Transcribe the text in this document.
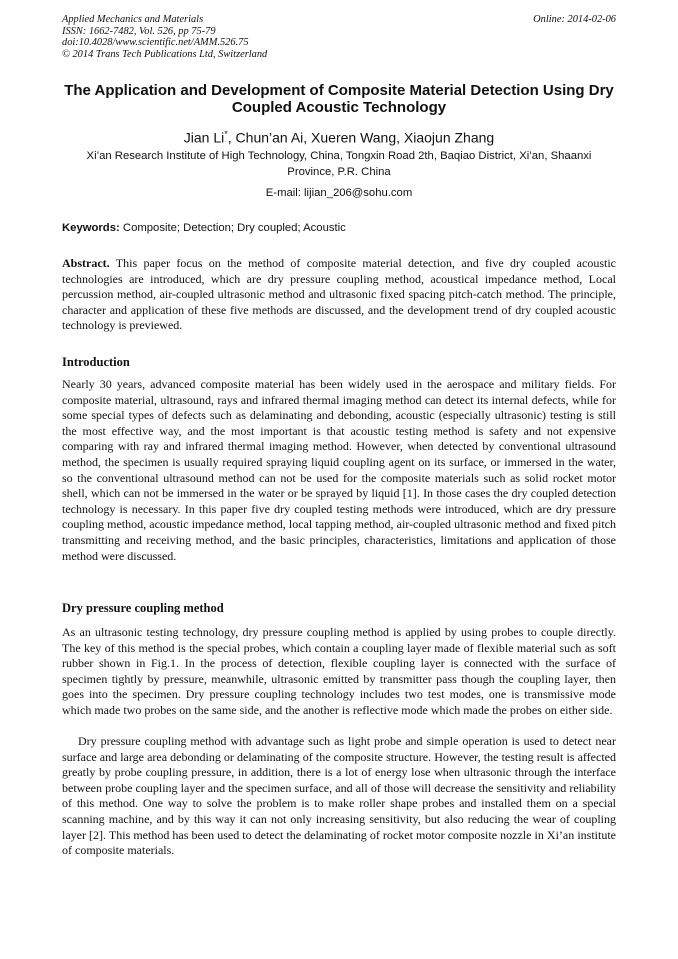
Applied Mechanics and Materials
ISSN: 1662-7482, Vol. 526, pp 75-79
doi:10.4028/www.scientific.net/AMM.526.75
© 2014 Trans Tech Publications Ltd, Switzerland
Online: 2014-02-06
The Application and Development of Composite Material Detection Using Dry Coupled Acoustic Technology
Jian Li*, Chun’an Ai, Xueren Wang, Xiaojun Zhang
Xi’an Research Institute of High Technology, China, Tongxin Road 2th, Baqiao District, Xi’an, Shaanxi Province, P.R. China
E-mail: lijian_206@sohu.com
Keywords: Composite; Detection; Dry coupled; Acoustic
Abstract. This paper focus on the method of composite material detection, and five dry coupled acoustic technologies are introduced, which are dry pressure coupling method, acoustical impedance method, Local percussion method, air-coupled ultrasonic method and ultrasonic fixed spacing pitch-catch method. The principle, character and application of these five methods are discussed, and the development trend of dry coupled acoustic technology is previewed.
Introduction
Nearly 30 years, advanced composite material has been widely used in the aerospace and military fields. For composite material, ultrasound, rays and infrared thermal imaging method can detect its internal defects, while for some special types of defects such as delaminating and debonding, acoustic (especially ultrasonic) testing is still the most effective way, and the most important is that acoustic testing method is safety and not expensive comparing with ray and infrared thermal imaging method. However, when detected by conventional ultrasound method, the specimen is usually required spraying liquid coupling agent on its surface, or immersed in the water, so the conventional ultrasound method can not be used for the composite materials such as solid rocket motor shell, which can not be immersed in the water or be sprayed by liquid [1]. In those cases the dry coupled detection technology is necessary. In this paper five dry coupled testing methods were introduced, which are dry pressure coupling method, acoustic impedance method, local tapping method, air-coupled ultrasonic method and fixed pitch transmitting and receiving method, and the basic principles, characteristics, limitations and application of those method were discussed.
Dry pressure coupling method
As an ultrasonic testing technology, dry pressure coupling method is applied by using probes to couple directly. The key of this method is the special probes, which contain a coupling layer made of flexible material such as soft rubber shown in Fig.1. In the process of detection, flexible coupling layer is connected with the surface of specimen tightly by pressure, meanwhile, ultrasonic emitted by transmitter pass though the coupling layer, then goes into the specimen. Dry pressure coupling technology includes two test modes, one is transmissive mode which made two probes on the same side, and the another is reflective mode which made the probes on either side.
Dry pressure coupling method with advantage such as light probe and simple operation is used to detect near surface and large area debonding or delaminating of the composite structure. However, the testing result is affected greatly by probe coupling pressure, in addition, there is a lot of energy lose when ultrasonic through the interface between probe coupling layer and the specimen surface, and all of those will decrease the sensitivity and reliability of this method. One way to solve the problem is to make roller shape probes and installed them on a special scanning machine, and by this way it can not only increasing sensitivity, but also reducing the wear of coupling layer [2]. This method has been used to detect the delaminating of rocket motor composite nozzle in Xi’an institute of composite materials.
